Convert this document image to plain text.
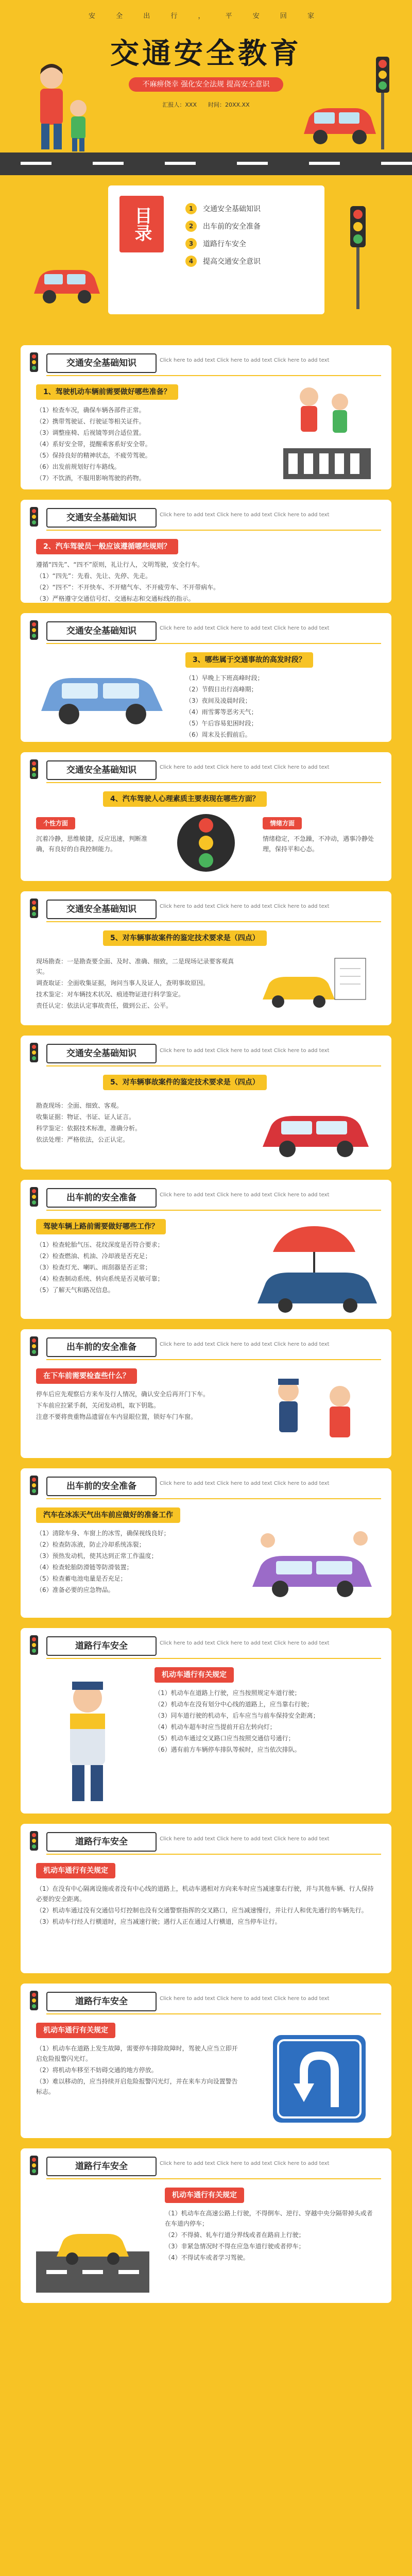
安 全 出 行 ， 平 安 回 家
交通安全教育
不麻痹侥幸 强化安全法规 提高安全意识
汇报人：XXX　　时间：20XX.XX
目录	1	交通安全基础知识
2	出车前的安全准备
3	道路行车安全
4	提高交通安全意识
交通安全基础知识	Click here to add text Click here to add text Click here to add text
1、驾驶机动车辆前需要做好哪些准备？
（1）检查车况，确保车辆各部件正常。
（2）携带驾驶证、行驶证等相关证件。
（3）调整座椅、后视镜等到合适位置。
（4）系好安全带，提醒乘客系好安全带。
（5）保持良好的精神状态，不疲劳驾驶。
（6）出发前规划好行车路线。
（7）不饮酒，不服用影响驾驶的药物。
交通安全基础知识	Click here to add text Click here to add text Click here to add text
2、汽车驾驶员一般应该遵循哪些规则？
遵循“四先”、“四不”原则，礼让行人，文明驾驶，安全行车。
（1）“四先”：先看、先让、先停、先走。
（2）“四不”：不开快车、不开赌气车、不开疲劳车、不开带病车。
（3）严格遵守交通信号灯、交通标志和交通标线的指示。
交通安全基础知识	Click here to add text Click here to add text Click here to add text
3、哪些属于交通事故的高发时段？
（1）早晚上下班高峰时段；
（2）节假日出行高峰期；
（3）夜间及凌晨时段；
（4）雨雪雾等恶劣天气；
（5）午后容易犯困时段；
（6）周末及长假前后。
交通安全基础知识	Click here to add text Click here to add text Click here to add text
4、汽车驾驶人心理素质主要表现在哪些方面？
个性方面
沉着冷静，思维敏捷，反应迅速，判断准确，有良好的自我控制能力。
情绪方面
情绪稳定，不急躁，不冲动，遇事冷静处理，保持平和心态。
交通安全基础知识	Click here to add text Click here to add text Click here to add text
5、对车辆事故案件的鉴定技术要求是（四点）
现场勘查：一是勘查要全面、及时、准确、细致，二是现场记录要客观真实。
调查取证：全面收集证据，询问当事人及证人，查明事故原因。
技术鉴定：对车辆技术状况、痕迹物证进行科学鉴定。
责任认定：依法认定事故责任，做到公正、公平。
交通安全基础知识	Click here to add text Click here to add text Click here to add text
5、对车辆事故案件的鉴定技术要求是（四点）
勘查现场：全面、细致、客观。
收集证据：物证、书证、证人证言。
科学鉴定：依据技术标准，准确分析。
依法处理：严格依法，公正认定。
出车前的安全准备	Click here to add text Click here to add text Click here to add text
驾驶车辆上路前需要做好哪些工作？
（1）检查轮胎气压、花纹深度是否符合要求；
（2）检查燃油、机油、冷却液是否充足；
（3）检查灯光、喇叭、雨刮器是否正常；
（4）检查制动系统、转向系统是否灵敏可靠；
（5）了解天气和路况信息。
出车前的安全准备	Click here to add text Click here to add text Click here to add text
在下车前需要检查些什么？
停车后应先观察后方来车及行人情况，确认安全后再开门下车。
下车前应拉紧手刹，关闭发动机，取下钥匙。
注意不要将贵重物品遗留在车内显眼位置，锁好车门车窗。
出车前的安全准备	Click here to add text Click here to add text Click here to add text
汽车在冰冻天气出车前应做好的准备工作
（1）清除车身、车窗上的冰雪，确保视线良好；
（2）检查防冻液，防止冷却系统冻裂；
（3）预热发动机，使其达到正常工作温度；
（4）检查轮胎防滑链等防滑装置；
（5）检查蓄电池电量是否充足；
（6）准备必要的应急物品。
道路行车安全	Click here to add text Click here to add text Click here to add text
机动车通行有关规定
（1）机动车在道路上行驶，应当按照规定车道行驶；
（2）机动车在没有划分中心线的道路上，应当靠右行驶；
（3）同车道行驶的机动车，后车应当与前车保持安全距离；
（4）机动车超车时应当提前开启左转向灯；
（5）机动车通过交叉路口应当按照交通信号通行；
（6）遇有前方车辆停车排队等候时，应当依次排队。
道路行车安全	Click here to add text Click here to add text Click here to add text
机动车通行有关规定
（1）在没有中心隔离设施或者没有中心线的道路上，机动车遇相对方向来车时应当减速靠右行驶，并与其他车辆、行人保持必要的安全距离。
（2）机动车通过没有交通信号灯控制也没有交通警察指挥的交叉路口，应当减速慢行，并让行人和优先通行的车辆先行。
（3）机动车行经人行横道时，应当减速行驶；遇行人正在通过人行横道，应当停车让行。
道路行车安全	Click here to add text Click here to add text Click here to add text
机动车通行有关规定
（1）机动车在道路上发生故障，需要停车排除故障时，驾驶人应当立即开启危险报警闪光灯。
（2）将机动车移至不妨碍交通的地方停放。
（3）难以移动的，应当持续开启危险报警闪光灯，并在来车方向设置警告标志。
道路行车安全	Click here to add text Click here to add text Click here to add text
机动车通行有关规定
（1）机动车在高速公路上行驶，不得倒车、逆行、穿越中央分隔带掉头或者在车道内停车；
（2）不得骑、轧车行道分界线或者在路肩上行驶；
（3）非紧急情况时不得在应急车道行驶或者停车；
（4）不得试车或者学习驾驶。
